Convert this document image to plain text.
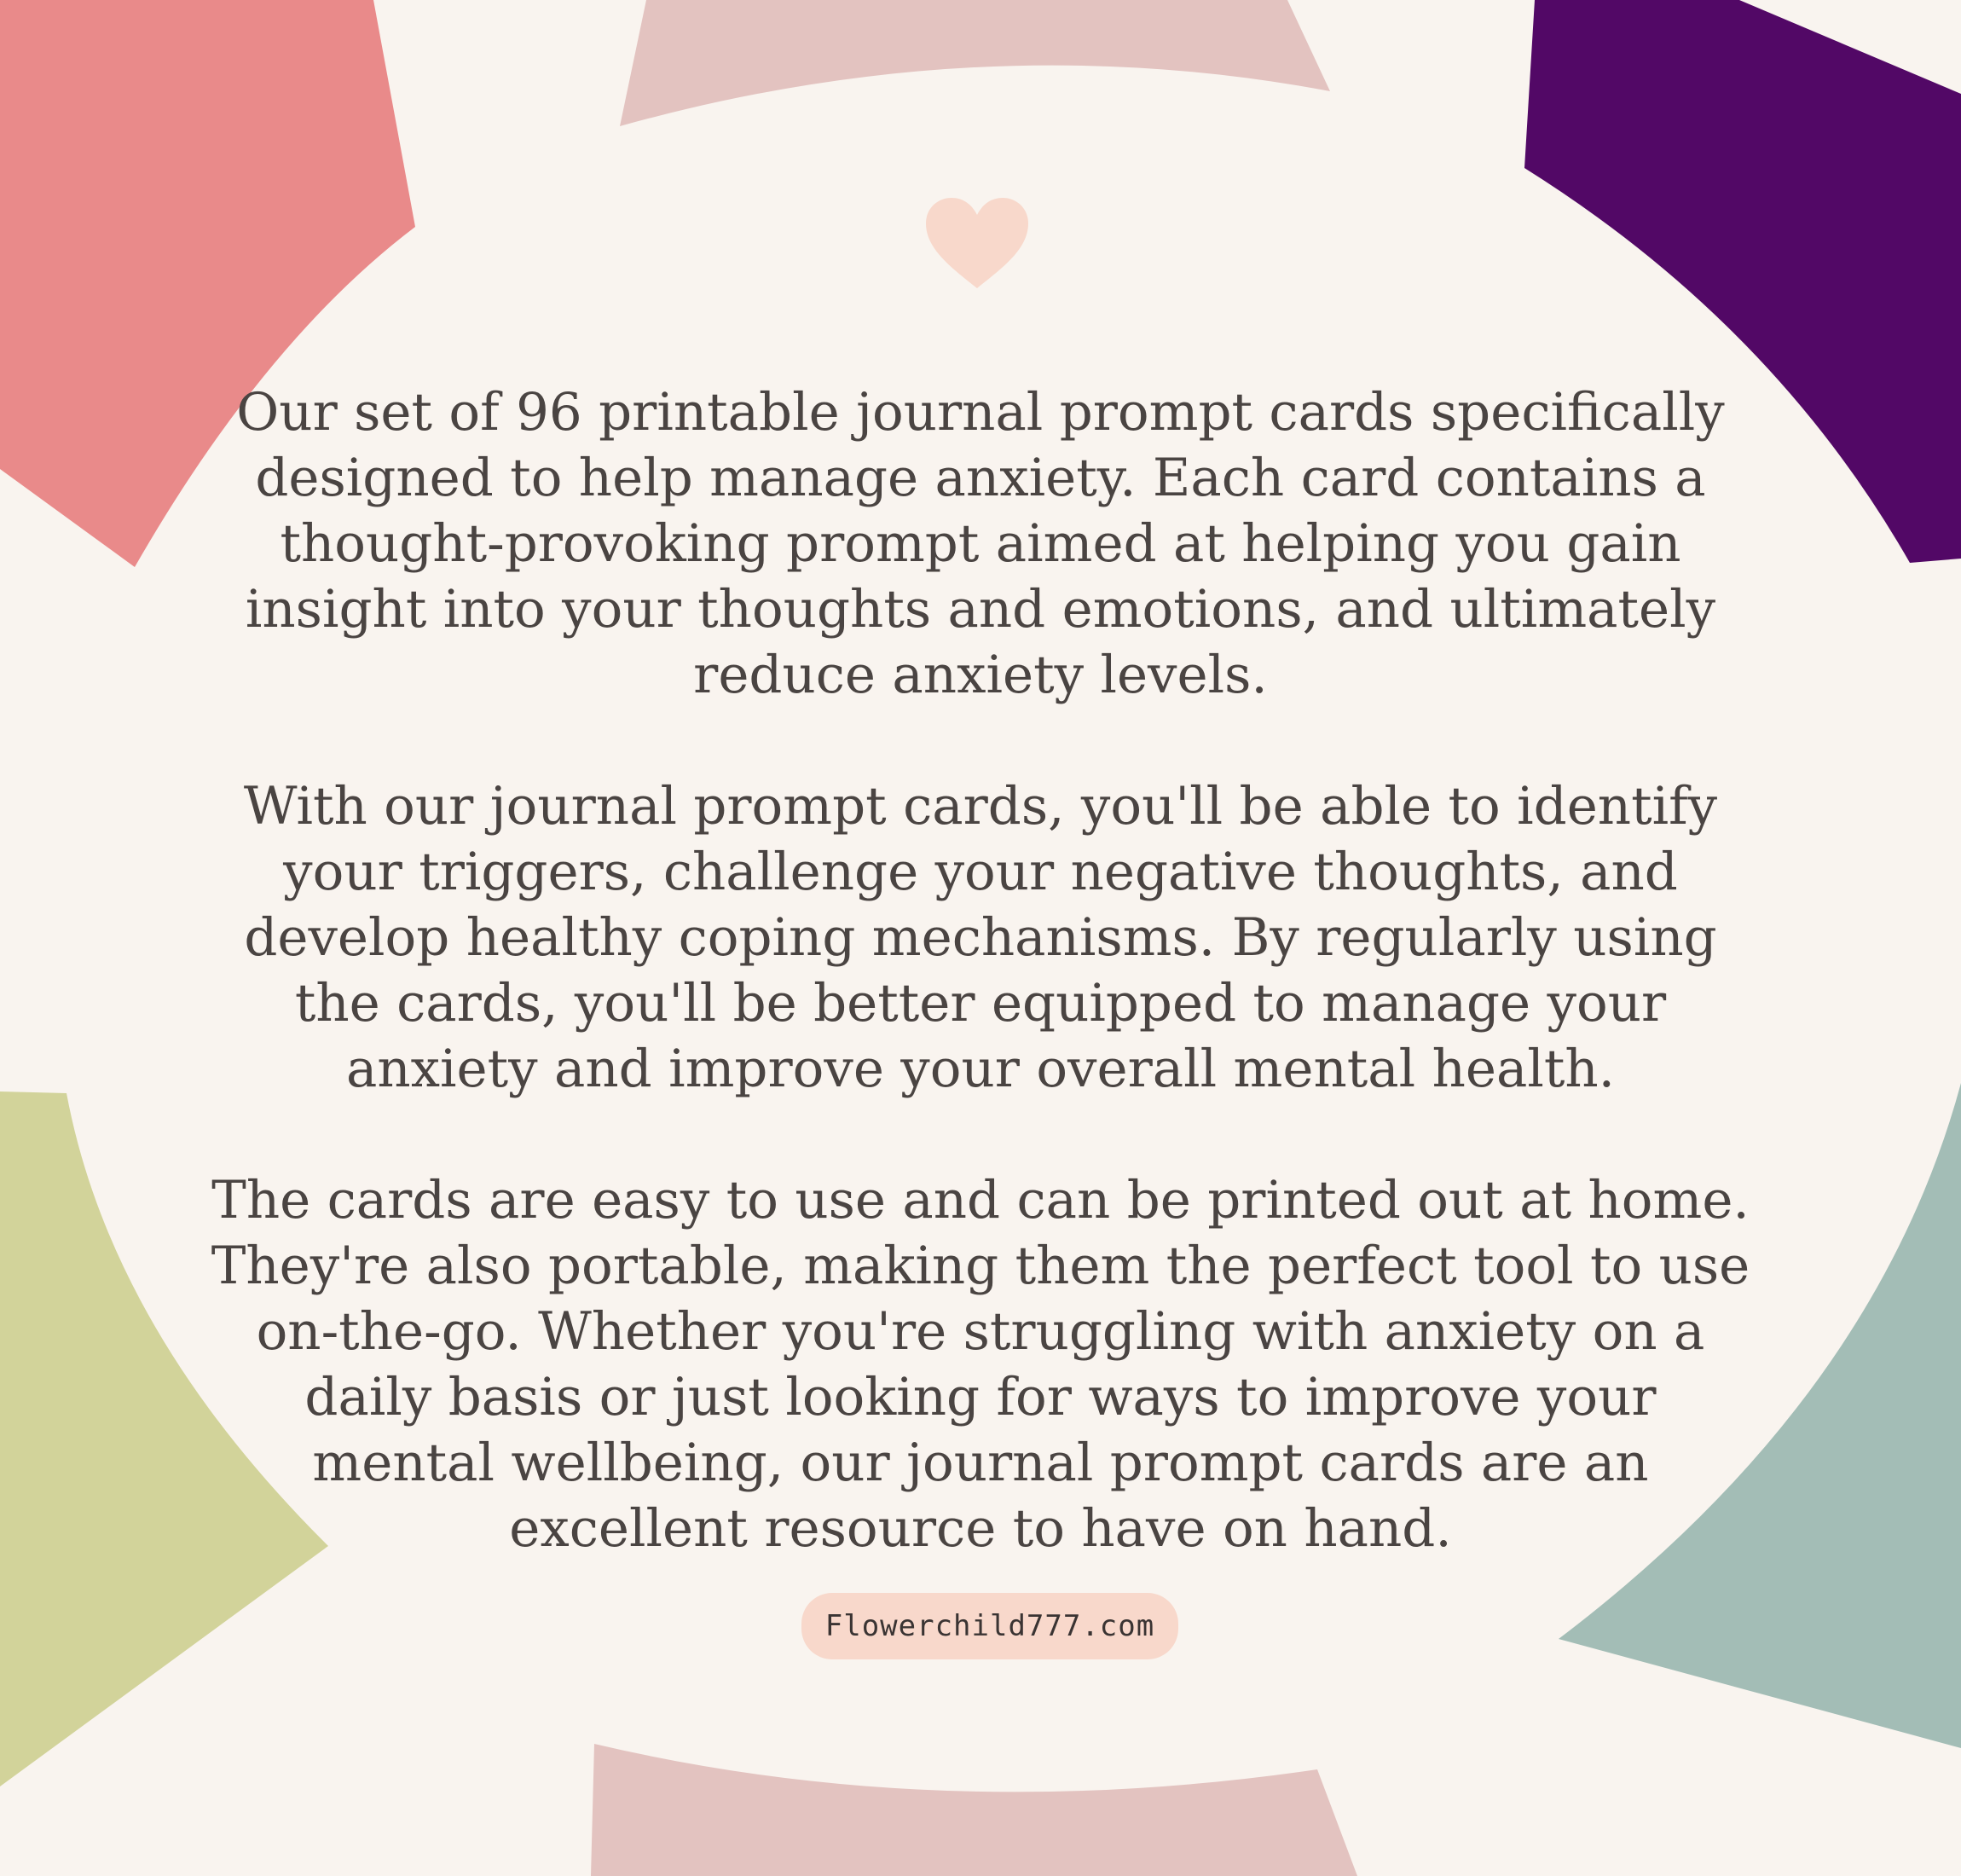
Our set of 96 printable journal prompt cards specifically
designed to help manage anxiety. Each card contains a
thought-provoking prompt aimed at helping you gain
insight into your thoughts and emotions, and ultimately
reduce anxiety levels.

With our journal prompt cards, you'll be able to identify
your triggers, challenge your negative thoughts, and
develop healthy coping mechanisms. By regularly using
the cards, you'll be better equipped to manage your
anxiety and improve your overall mental health.

The cards are easy to use and can be printed out at home.
They're also portable, making them the perfect tool to use
on-the-go. Whether you're struggling with anxiety on a
daily basis or just looking for ways to improve your
mental wellbeing, our journal prompt cards are an
excellent resource to have on hand.

Flowerchild777.com
